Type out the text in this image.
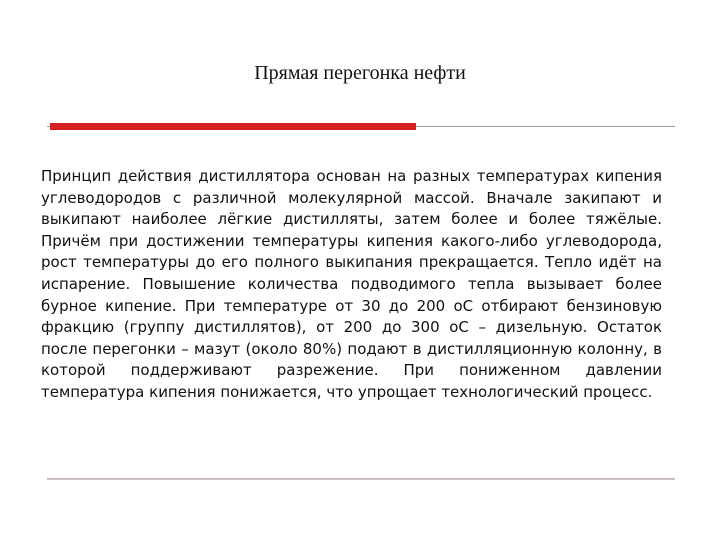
Прямая перегонка нефти

Принцип действия дистиллятора основан на разных температурах кипения углеводородов с различной молекулярной массой. Вначале закипают и выкипают наиболее лёгкие дистилляты, затем более и более тяжёлые. Причём при достижении температуры кипения какого-либо углеводорода, рост температуры до его полного выкипания прекращается. Тепло идёт на испарение. Повышение количества подводимого тепла вызывает более бурное кипение. При температуре от 30 до 200 oС отбирают бензиновую фракцию (группу дистиллятов), от 200 до 300 oС – дизельную. Остаток после перегонки – мазут (около 80%) подают в дистилляционную колонну, в которой поддерживают разрежение. При пониженном давлении температура кипения понижается, что упрощает технологический процесс.
